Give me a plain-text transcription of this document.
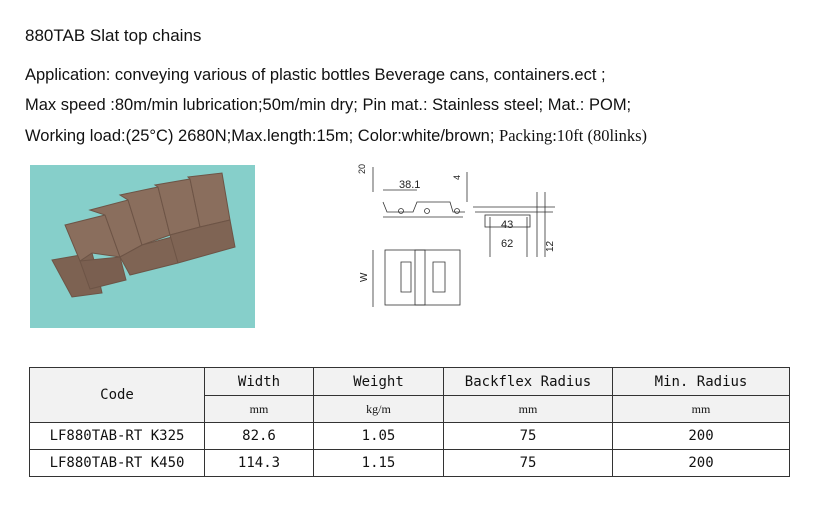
880TAB Slat top chains
Application: conveying various of plastic bottles Beverage cans, containers.ect ;
Max speed :80m/min lubrication;50m/min dry; Pin mat.: Stainless steel; Mat.: POM;
Working load:(25°C) 2680N;Max.length:15m; Color:white/brown; Packing:10ft (80links)
20
38.1
4
43
62	12
W
Code	Width	Weight	Backflex Radius	Min. Radius
	mm	kg/m	mm	mm
LF880TAB-RT K325	82.6	1.05	75	200
LF880TAB-RT K450	114.3	1.15	75	200
